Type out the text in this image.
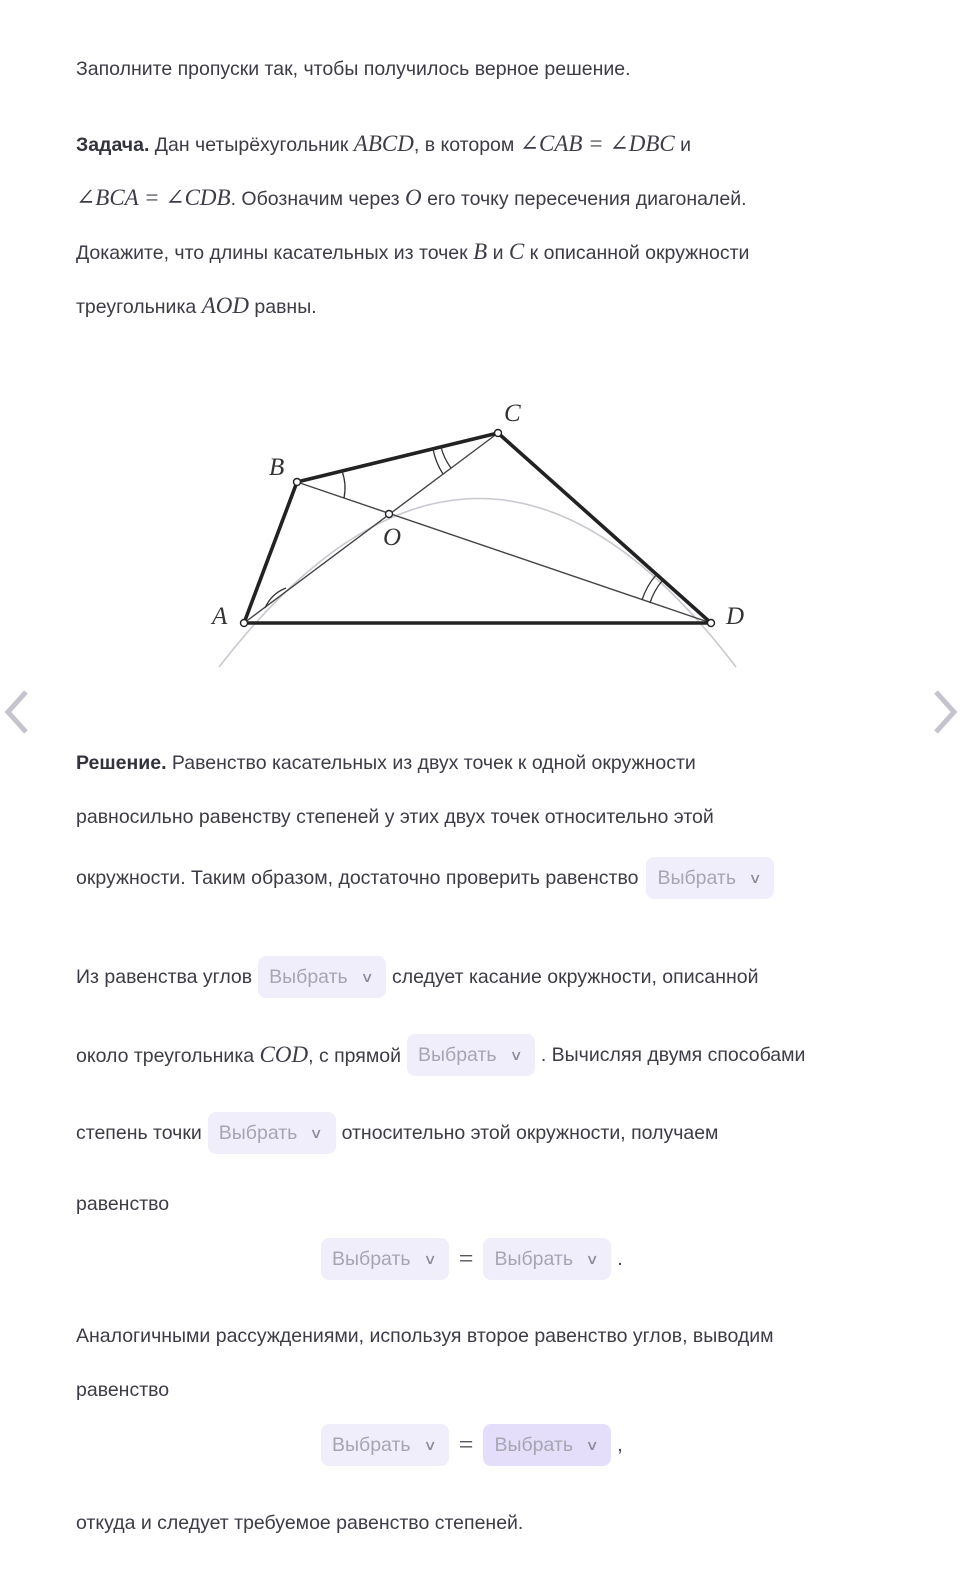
Заполните пропуски так, чтобы получилось верное решение.
Задача. Дан четырёхугольник ABCD, в котором ∠CAB = ∠DBC и
∠BCA = ∠CDB. Обозначим через O его точку пересечения диагоналей.
Докажите, что длины касательных из точек B и C к описанной окружности
треугольника AOD равны.
A
B
C
D
O
Решение. Равенство касательных из двух точек к одной окружности
равносильно равенству степеней у этих двух точек относительно этой
окружности. Таким образом, достаточно проверить равенство Выбрать ∨
Из равенства углов Выбрать ∨ следует касание окружности, описанной
около треугольника COD, с прямой Выбрать ∨ . Вычисляя двумя способами
степень точки Выбрать ∨ относительно этой окружности, получаем
равенство
Выбрать ∨ = Выбрать ∨ .
Аналогичными рассуждениями, используя второе равенство углов, выводим
равенство
Выбрать ∨ = Выбрать ∨ ,
откуда и следует требуемое равенство степеней.
